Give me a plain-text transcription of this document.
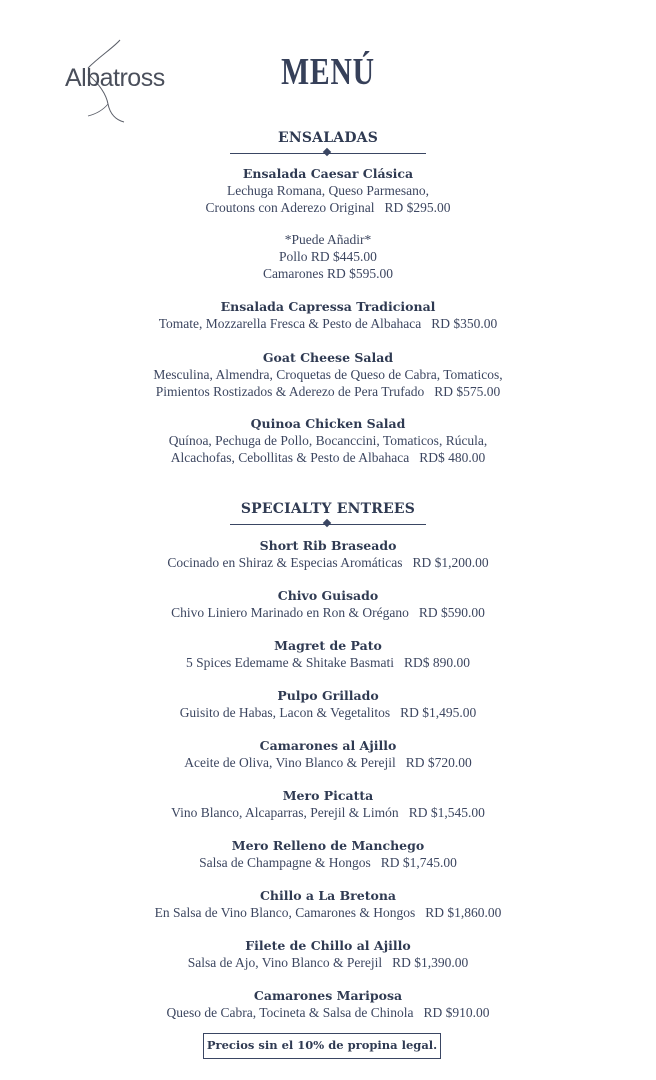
Albatross	MENÚ
ENSALADAS
Ensalada Caesar Clásica
Lechuga Romana, Queso Parmesano,
Croutons con Aderezo Original RD $295.00
*Puede Añadir*
Pollo RD $445.00
Camarones RD $595.00
Ensalada Capressa Tradicional
Tomate, Mozzarella Fresca & Pesto de Albahaca RD $350.00
Goat Cheese Salad
Mesculina, Almendra, Croquetas de Queso de Cabra, Tomaticos,
Pimientos Rostizados & Aderezo de Pera Trufado RD $575.00
Quinoa Chicken Salad
Quínoa, Pechuga de Pollo, Bocanccini, Tomaticos, Rúcula,
Alcachofas, Cebollitas & Pesto de Albahaca RD$ 480.00
SPECIALTY ENTREES
Short Rib Braseado
Cocinado en Shiraz & Especias Aromáticas RD $1,200.00
Chivo Guisado
Chivo Liniero Marinado en Ron & Orégano RD $590.00
Magret de Pato
5 Spices Edemame & Shitake Basmati RD$ 890.00
Pulpo Grillado
Guisito de Habas, Lacon & Vegetalitos RD $1,495.00
Camarones al Ajillo
Aceite de Oliva, Vino Blanco & Perejil RD $720.00
Mero Picatta
Vino Blanco, Alcaparras, Perejil & Limón RD $1,545.00
Mero Relleno de Manchego
Salsa de Champagne & Hongos RD $1,745.00
Chillo a La Bretona
En Salsa de Vino Blanco, Camarones & Hongos RD $1,860.00
Filete de Chillo al Ajillo
Salsa de Ajo, Vino Blanco & Perejil RD $1,390.00
Camarones Mariposa
Queso de Cabra, Tocineta & Salsa de Chinola RD $910.00
Precios sin el 10% de propina legal.
